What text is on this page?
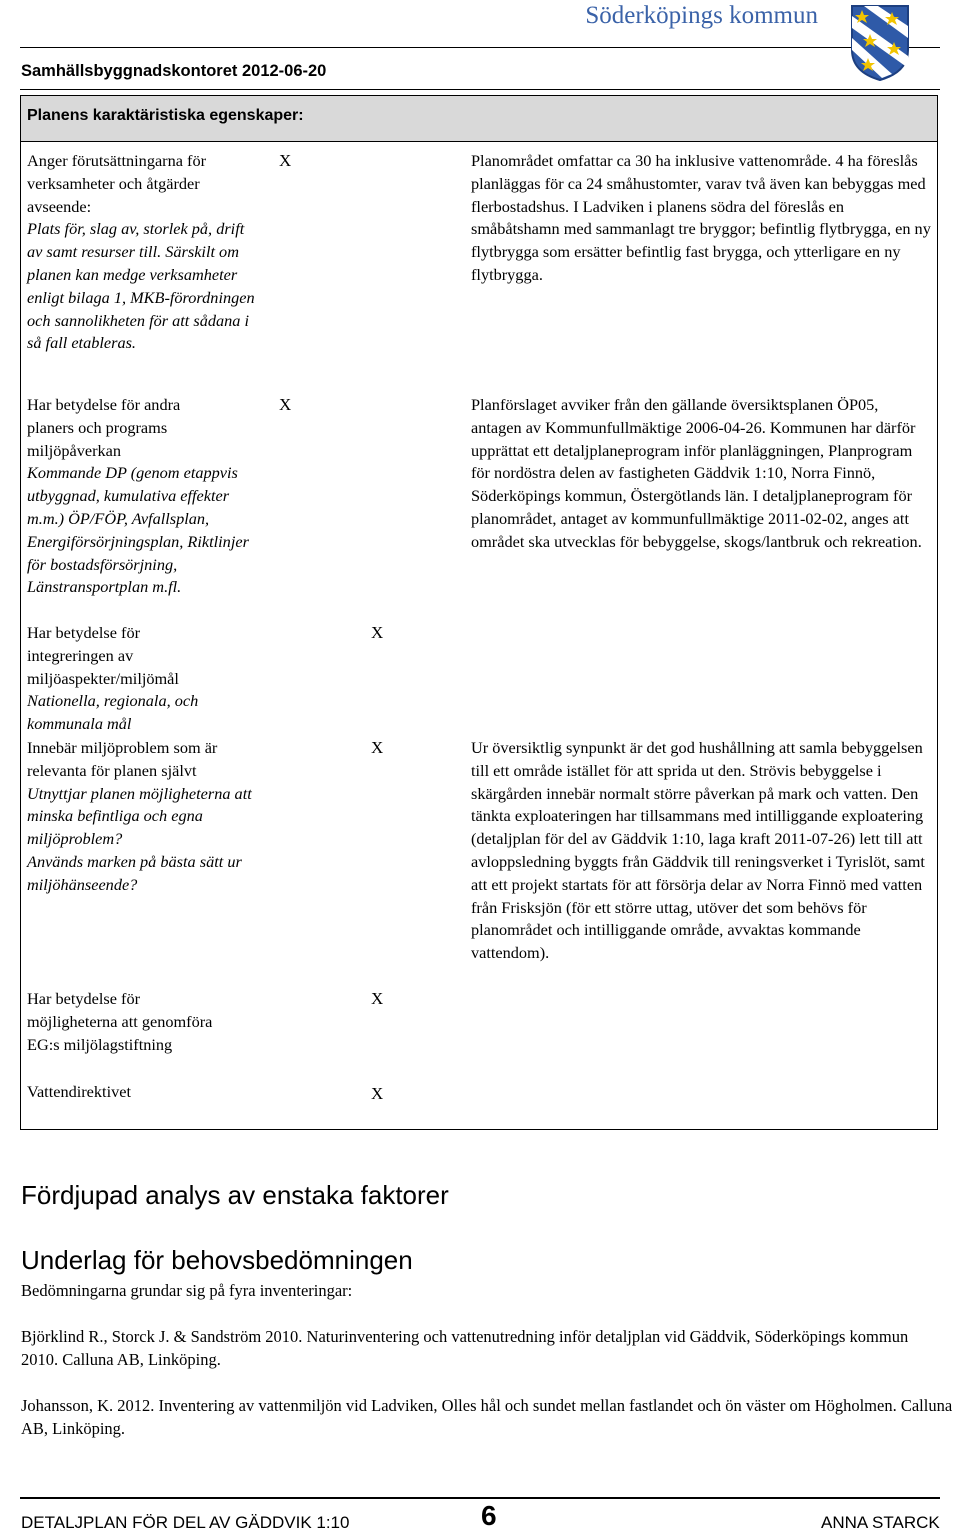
Söderköpings kommun
Samhällsbyggnadskontoret 2012-06-20
Planens karaktäristiska egenskaper:
Anger förutsättningarna för
verksamheter och åtgärder
avseende:
Plats för, slag av, storlek på, drift
av samt resurser till. Särskilt om
planen kan medge verksamheter
enligt bilaga 1, MKB-förordningen
och sannolikheten för att sådana i
så fall etableras.
X	Planområdet omfattar ca 30 ha inklusive vattenområde. 4 ha föreslås planläggas för ca 24 småhustomter, varav två även kan bebyggas med flerbostadshus. I Ladviken i planens södra del föreslås en småbåtshamn med sammanlagt tre bryggor; befintlig flytbrygga, en ny flytbrygga som ersätter befintlig fast brygga, och ytterligare en ny flytbrygga.
Har betydelse för andra
planers och programs
miljöpåverkan
Kommande DP (genom etappvis
utbyggnad, kumulativa effekter
m.m.) ÖP/FÖP, Avfallsplan,
Energiförsörjningsplan, Riktlinjer
för bostadsförsörjning,
Länstransportplan m.fl.
X	Planförslaget avviker från den gällande översiktsplanen ÖP05, antagen av Kommunfullmäktige 2006-04-26. Kommunen har därför upprättat ett detaljplaneprogram inför planläggningen, Planprogram för nordöstra delen av fastigheten Gäddvik 1:10, Norra Finnö, Söderköpings kommun, Östergötlands län. I detaljplaneprogram för planområdet, antaget av kommunfullmäktige 2011-02-02, anges att området ska utvecklas för bebyggelse, skogs/lantbruk och rekreation.
Har betydelse för
integreringen av
miljöaspekter/miljömål
Nationella, regionala, och
kommunala mål
X
Innebär miljöproblem som är
relevanta för planen självt
Utnyttjar planen möjligheterna att
minska befintliga och egna
miljöproblem?
Används marken på bästa sätt ur
miljöhänseende?
X	Ur översiktlig synpunkt är det god hushållning att samla bebyggelsen till ett område istället för att sprida ut den. Strövis bebyggelse i skärgården innebär normalt större påverkan på mark och vatten. Den tänkta exploateringen har tillsammans med intilliggande exploatering (detaljplan för del av Gäddvik 1:10, laga kraft 2011-07-26) lett till att avloppsledning byggts från Gäddvik till reningsverket i Tyrislöt, samt att ett projekt startats för att försörja delar av Norra Finnö med vatten från Frisksjön (för ett större uttag, utöver det som behövs för planområdet och intilliggande område, avvaktas kommande vattendom).
Har betydelse för
möjligheterna att genomföra
EG:s miljölagstiftning
X
Vattendirektivet	X
Fördjupad analys av enstaka faktorer
Underlag för behovsbedömningen
Bedömningarna grundar sig på fyra inventeringar:
Björklind R., Storck J. & Sandström 2010. Naturinventering och vattenutredning inför detaljplan vid Gäddvik, Söderköpings kommun 2010. Calluna AB, Linköping.
Johansson, K. 2012. Inventering av vattenmiljön vid Ladviken, Olles hål och sundet mellan fastlandet och ön väster om Högholmen. Calluna AB, Linköping.
DETALJPLAN FÖR DEL AV GÄDDVIK 1:10	6	ANNA STARCK
